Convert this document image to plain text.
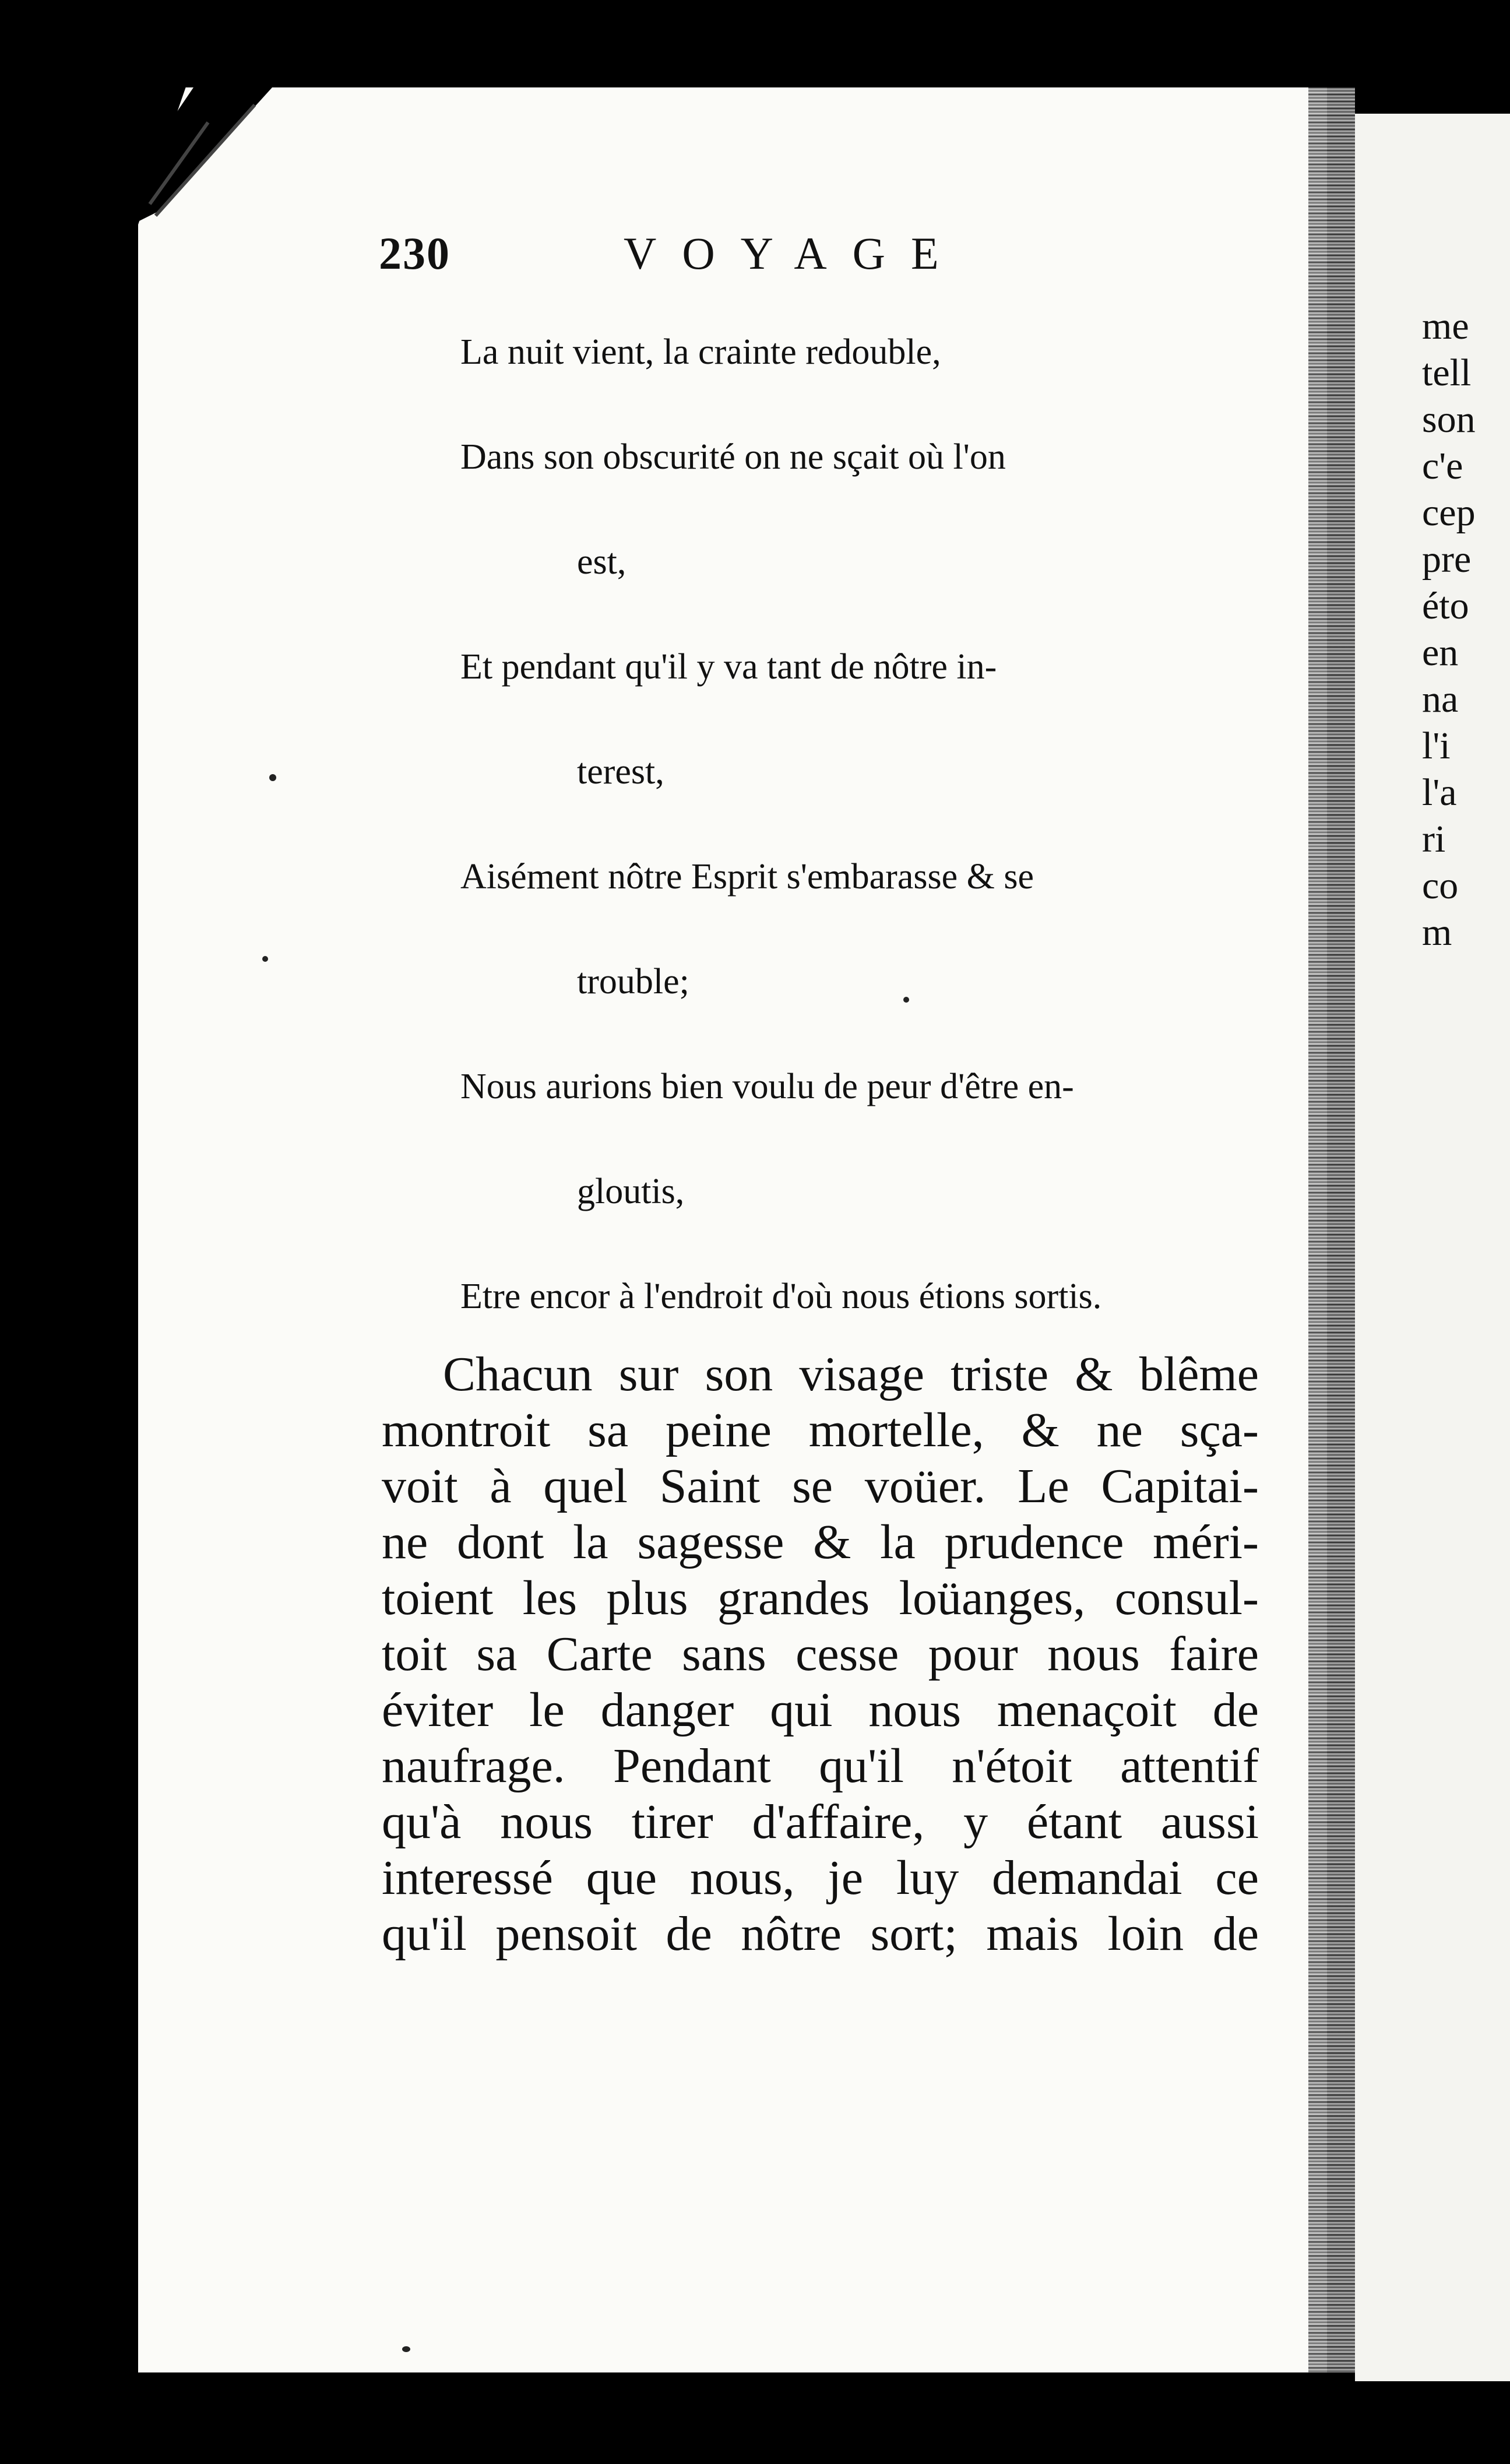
me
tell
son
c'e
cep
pre
éto
en
na
l'i
l'a
ri
co
m
230	VOYAGE
La nuit vient, la crainte redouble,
Dans son obscurité on ne sçait où l'on
est,
Et pendant qu'il y va tant de nôtre in-
terest,
Aisément nôtre Esprit s'embarasse & se
trouble;
Nous aurions bien voulu de peur d'être en-
gloutis,
Etre encor à l'endroit d'où nous étions sortis.
Chacun sur son visage triste & blême
montroit sa peine mortelle, & ne sça-
voit à quel Saint se voüer. Le Capitai-
ne dont la sagesse & la prudence méri-
toient les plus grandes loüanges, consul-
toit sa Carte sans cesse pour nous faire
éviter le danger qui nous menaçoit de
naufrage. Pendant qu'il n'étoit attentif
qu'à nous tirer d'affaire, y étant aussi
interessé que nous, je luy demandai ce
qu'il pensoit de nôtre sort; mais loin de
